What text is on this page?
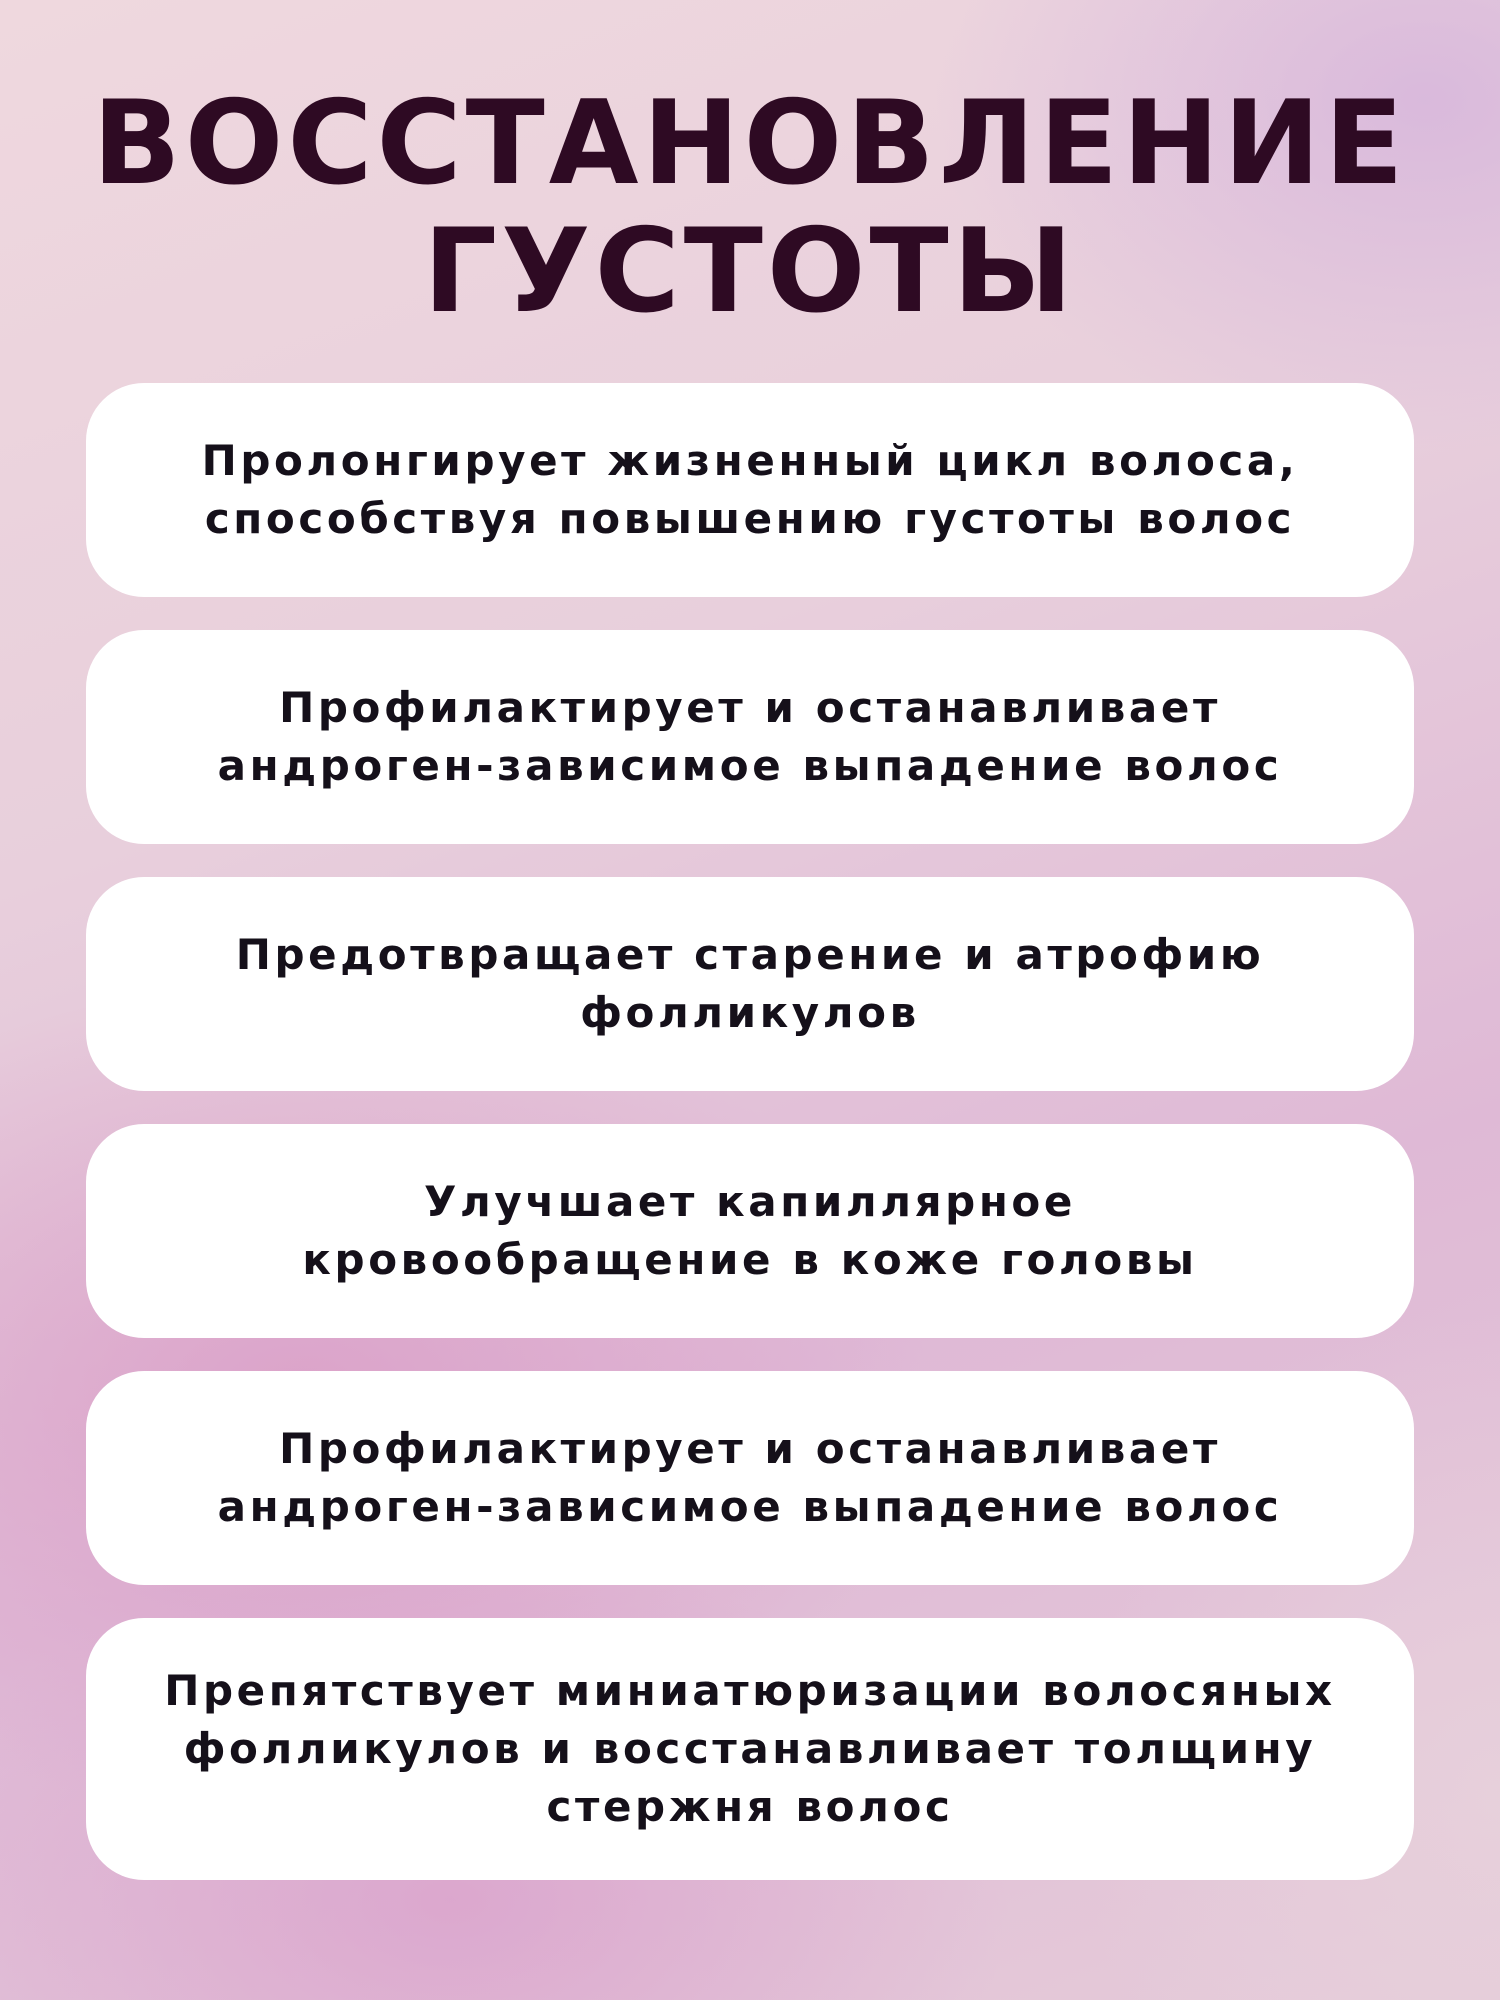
ВОССТАНОВЛЕНИЕ
ГУСТОТЫ
Пролонгирует жизненный цикл волоса,
способствуя повышению густоты волос
Профилактирует и останавливает
андроген-зависимое выпадение волос
Предотвращает старение и атрофию
фолликулов
Улучшает капиллярное
кровообращение в коже головы
Профилактирует и останавливает
андроген-зависимое выпадение волос
Препятствует миниатюризации волосяных
фолликулов и восстанавливает толщину
стержня волос
